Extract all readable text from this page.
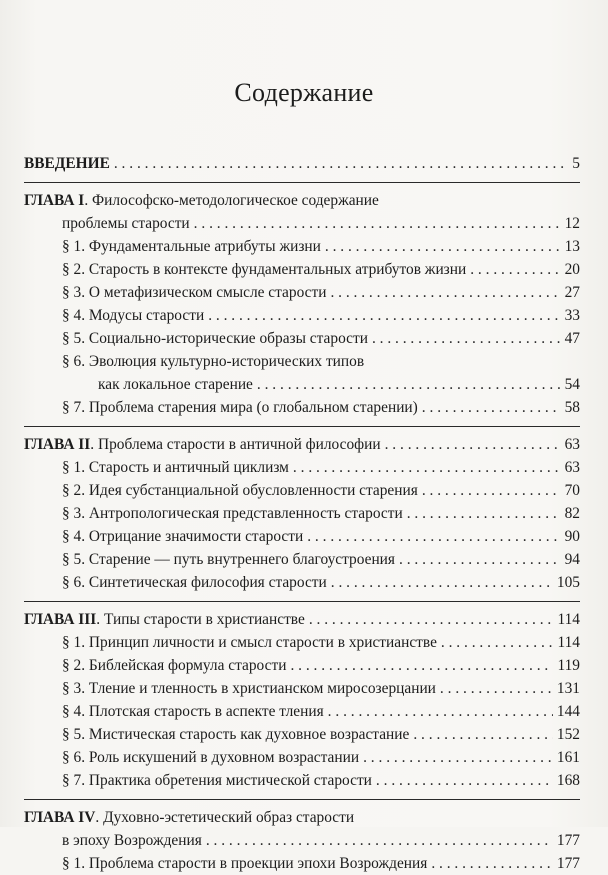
Содержание
ВВЕДЕНИЕ . . .	5
ГЛАВА I. Философско-методологическое содержание
проблемы старости . . .	12
§ 1. Фундаментальные атрибуты жизни . . .	13
§ 2. Старость в контексте фундаментальных атрибутов жизни . . .	20
§ 3. О метафизическом смысле старости . . .	27
§ 4. Модусы старости . . .	33
§ 5. Социально-исторические образы старости . . .	47
§ 6. Эволюция культурно-исторических типов
как локальное старение . . .	54
§ 7. Проблема старения мира (о глобальном старении) . . .	58
ГЛАВА II. Проблема старости в античной философии . . .	63
§ 1. Старость и античный циклизм . . .	63
§ 2. Идея субстанциальной обусловленности старения . . .	70
§ 3. Антропологическая представленность старости . . .	82
§ 4. Отрицание значимости старости . . .	90
§ 5. Старение — путь внутреннего благоустроения . . .	94
§ 6. Синтетическая философия старости . . .	105
ГЛАВА III. Типы старости в христианстве . . .	114
§ 1. Принцип личности и смысл старости в христианстве . . .	114
§ 2. Библейская формула старости . . .	119
§ 3. Тление и тленность в христианском миросозерцании . . .	131
§ 4. Плотская старость в аспекте тления . . .	144
§ 5. Мистическая старость как духовное возрастание . . .	152
§ 6. Роль искушений в духовном возрастании . . .	161
§ 7. Практика обретения мистической старости . . .	168
ГЛАВА IV. Духовно-эстетический образ старости
в эпоху Возрождения . . .	177
§ 1. Проблема старости в проекции эпохи Возрождения . . .	177
